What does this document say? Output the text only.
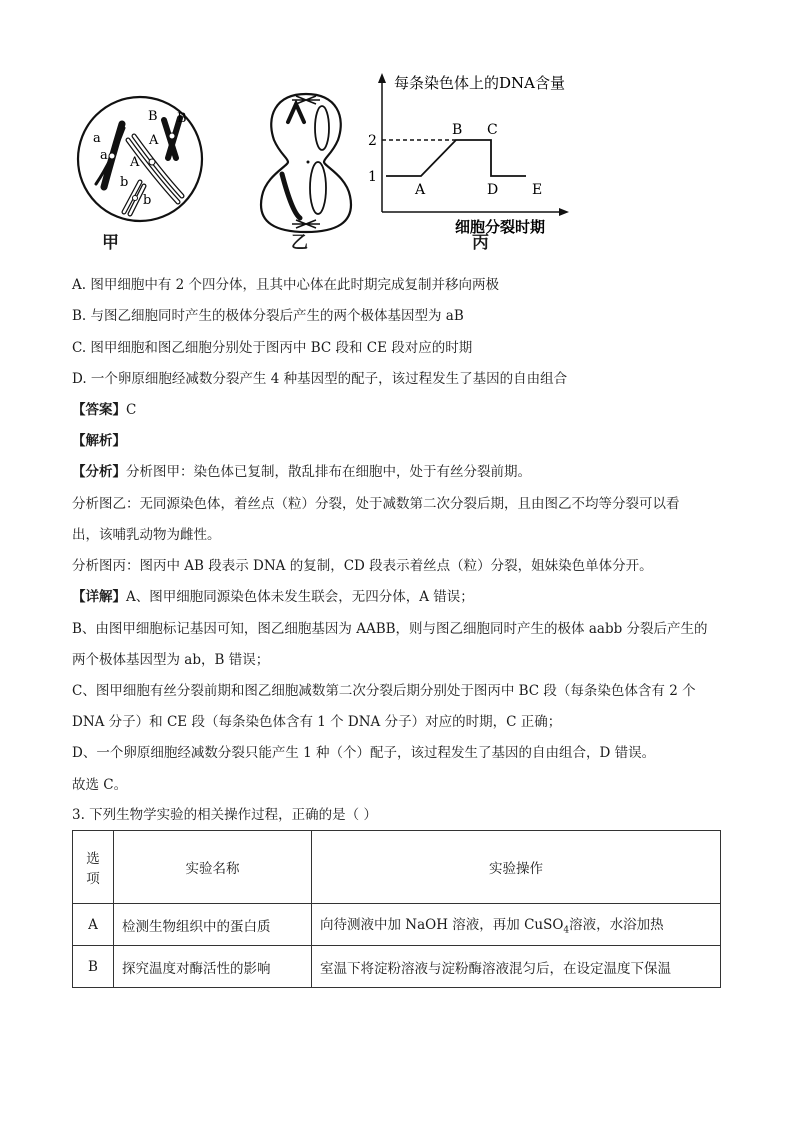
a
a
B B
A
A
b
b
每条染色体上的DNA含量
细胞分裂时期
1
2
A
B C
D E
甲	乙	丙
A. 图甲细胞中有 2 个四分体，且其中心体在此时期完成复制并移向两极
B. 与图乙细胞同时产生的极体分裂后产生的两个极体基因型为 aB
C. 图甲细胞和图乙细胞分别处于图丙中 BC 段和 CE 段对应的时期
D. 一个卵原细胞经减数分裂产生 4 种基因型的配子，该过程发生了基因的自由组合
【答案】C
【解析】
【分析】分析图甲：染色体已复制，散乱排布在细胞中，处于有丝分裂前期。
分析图乙：无同源染色体，着丝点（粒）分裂，处于减数第二次分裂后期，且由图乙不均等分裂可以看
出，该哺乳动物为雌性。
分析图丙：图丙中 AB 段表示 DNA 的复制，CD 段表示着丝点（粒）分裂，姐妹染色单体分开。
【详解】A、图甲细胞同源染色体未发生联会，无四分体，A 错误；
B、由图甲细胞标记基因可知，图乙细胞基因为 AABB，则与图乙细胞同时产生的极体 aabb 分裂后产生的
两个极体基因型为 ab，B 错误；
C、图甲细胞有丝分裂前期和图乙细胞减数第二次分裂后期分别处于图丙中 BC 段（每条染色体含有 2 个
DNA 分子）和 CE 段（每条染色体含有 1 个 DNA 分子）对应的时期，C 正确；
D、一个卵原细胞经减数分裂只能产生 1 种（个）配子，该过程发生了基因的自由组合，D 错误。
故选 C。
3. 下列生物学实验的相关操作过程，正确的是（ ）
选
项	实验名称	实验操作
A	检测生物组织中的蛋白质	向待测液中加 NaOH 溶液，再加 CuSO$_4$溶液，水浴加热
B	探究温度对酶活性的影响	室温下将淀粉溶液与淀粉酶溶液混匀后，在设定温度下保温
